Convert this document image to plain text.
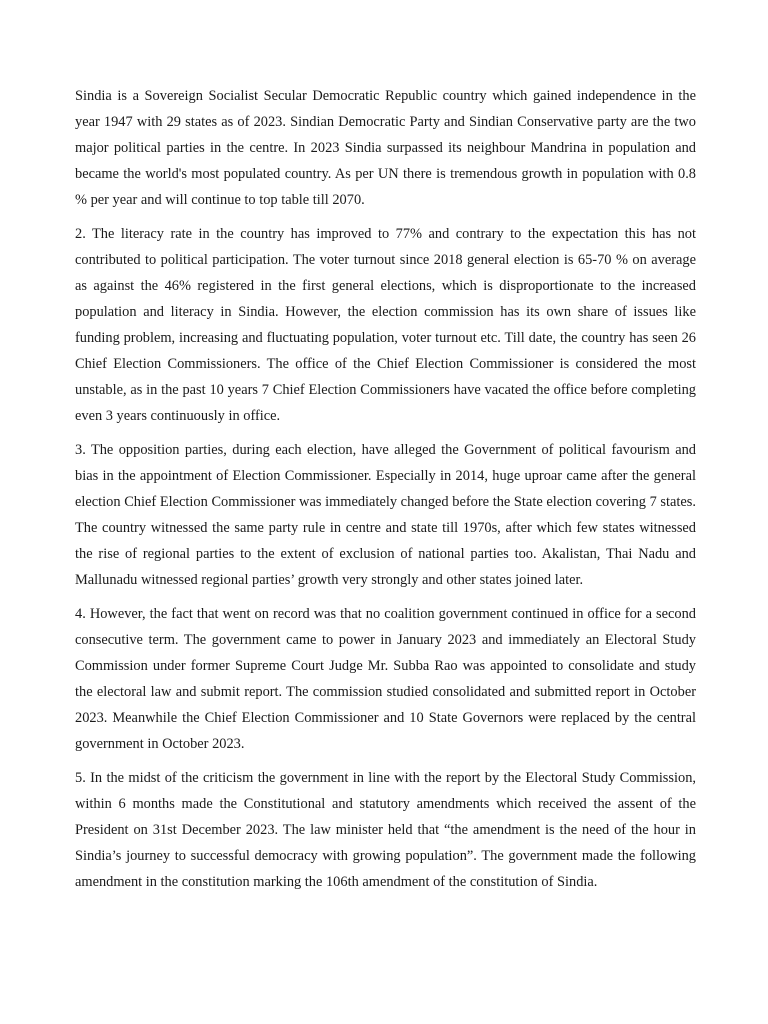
Sindia is a Sovereign Socialist Secular Democratic Republic country which gained independence in the year 1947 with 29 states as of 2023. Sindian Democratic Party and Sindian Conservative party are the two major political parties in the centre. In 2023 Sindia surpassed its neighbour Mandrina in population and became the world's most populated country. As per UN there is tremendous growth in population with 0.8 % per year and will continue to top table till 2070.

2. The literacy rate in the country has improved to 77% and contrary to the expectation this has not contributed to political participation. The voter turnout since 2018 general election is 65-70 % on average as against the 46% registered in the first general elections, which is disproportionate to the increased population and literacy in Sindia. However, the election commission has its own share of issues like funding problem, increasing and fluctuating population, voter turnout etc. Till date, the country has seen 26 Chief Election Commissioners. The office of the Chief Election Commissioner is considered the most unstable, as in the past 10 years 7 Chief Election Commissioners have vacated the office before completing even 3 years continuously in office.

3. The opposition parties, during each election, have alleged the Government of political favourism and bias in the appointment of Election Commissioner. Especially in 2014, huge uproar came after the general election Chief Election Commissioner was immediately changed before the State election covering 7 states. The country witnessed the same party rule in centre and state till 1970s, after which few states witnessed the rise of regional parties to the extent of exclusion of national parties too. Akalistan, Thai Nadu and Mallunadu witnessed regional parties’ growth very strongly and other states joined later.

4. However, the fact that went on record was that no coalition government continued in office for a second consecutive term. The government came to power in January 2023 and immediately an Electoral Study Commission under former Supreme Court Judge Mr. Subba Rao was appointed to consolidate and study the electoral law and submit report. The commission studied consolidated and submitted report in October 2023. Meanwhile the Chief Election Commissioner and 10 State Governors were replaced by the central government in October 2023.

5. In the midst of the criticism the government in line with the report by the Electoral Study Commission, within 6 months made the Constitutional and statutory amendments which received the assent of the President on 31st December 2023. The law minister held that “the amendment is the need of the hour in Sindia’s journey to successful democracy with growing population”. The government made the following amendment in the constitution marking the 106th amendment of the constitution of Sindia.
